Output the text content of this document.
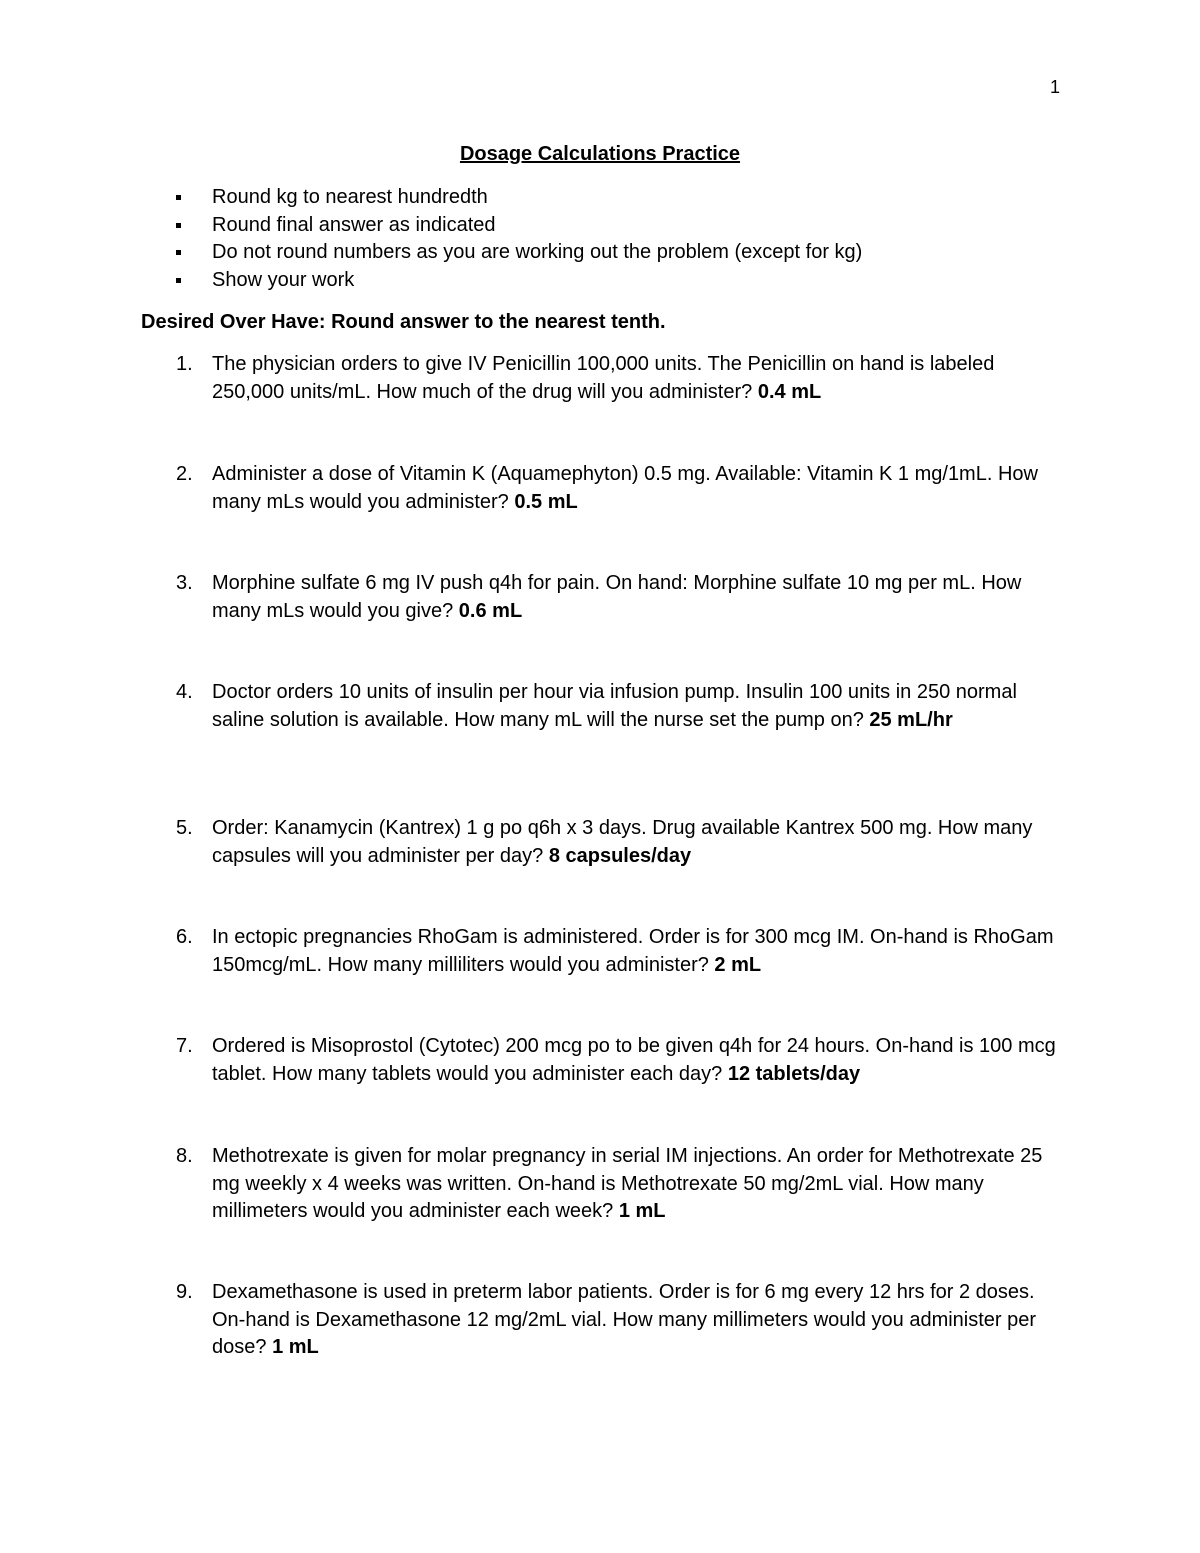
1
Dosage Calculations Practice
Round kg to nearest hundredth
Round final answer as indicated
Do not round numbers as you are working out the problem (except for kg)
Show your work
Desired Over Have: Round answer to the nearest tenth.
1. The physician orders to give IV Penicillin 100,000 units. The Penicillin on hand is labeled 250,000 units/mL. How much of the drug will you administer? 0.4 mL
2. Administer a dose of Vitamin K (Aquamephyton) 0.5 mg. Available: Vitamin K 1 mg/1mL. How many mLs would you administer? 0.5 mL
3. Morphine sulfate 6 mg IV push q4h for pain. On hand: Morphine sulfate 10 mg per mL. How many mLs would you give? 0.6 mL
4. Doctor orders 10 units of insulin per hour via infusion pump. Insulin 100 units in 250 normal saline solution is available. How many mL will the nurse set the pump on? 25 mL/hr
5. Order: Kanamycin (Kantrex) 1 g po q6h x 3 days. Drug available Kantrex 500 mg. How many capsules will you administer per day? 8 capsules/day
6. In ectopic pregnancies RhoGam is administered. Order is for 300 mcg IM. On-hand is RhoGam 150mcg/mL. How many milliliters would you administer? 2 mL
7. Ordered is Misoprostol (Cytotec) 200 mcg po to be given q4h for 24 hours. On-hand is 100 mcg tablet. How many tablets would you administer each day? 12 tablets/day
8. Methotrexate is given for molar pregnancy in serial IM injections. An order for Methotrexate 25 mg weekly x 4 weeks was written. On-hand is Methotrexate 50 mg/2mL vial. How many millimeters would you administer each week? 1 mL
9. Dexamethasone is used in preterm labor patients. Order is for 6 mg every 12 hrs for 2 doses. On-hand is Dexamethasone 12 mg/2mL vial. How many millimeters would you administer per dose? 1 mL
